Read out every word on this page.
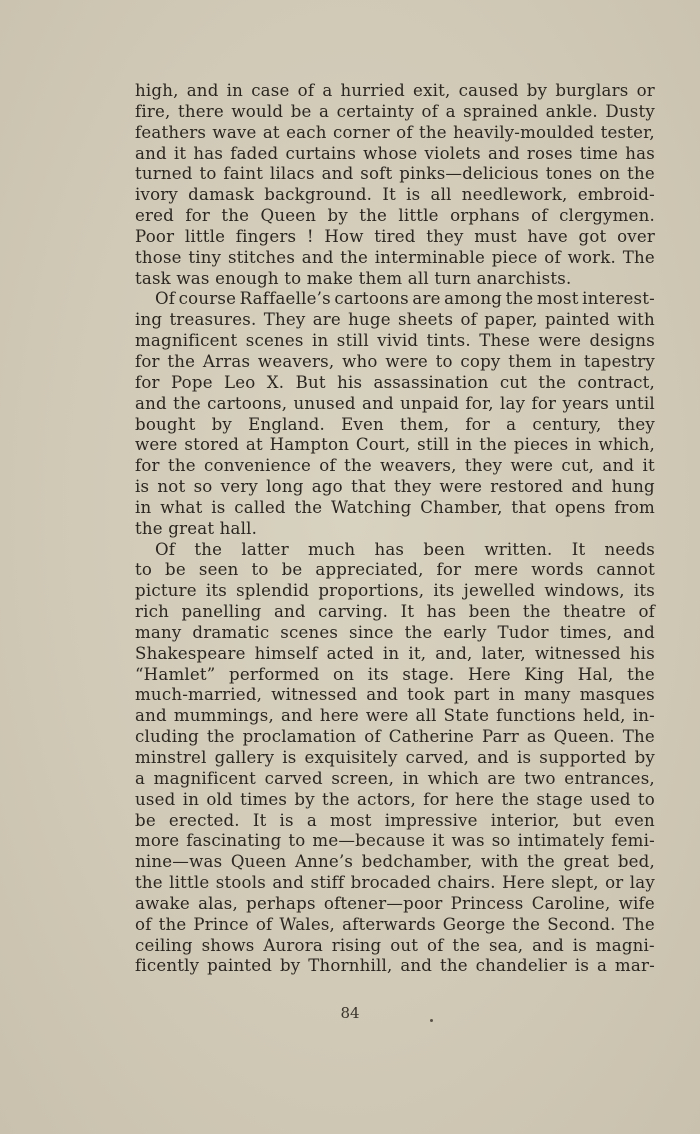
high, and in case of a hurried exit, caused by burglars or
fire, there would be a certainty of a sprained ankle. Dusty
feathers wave at each corner of the heavily-moulded tester,
and it has faded curtains whose violets and roses time has
turned to faint lilacs and soft pinks—delicious tones on the
ivory damask background. It is all needlework, embroid-
ered for the Queen by the little orphans of clergymen.
Poor little fingers ! How tired they must have got over
those tiny stitches and the interminable piece of work. The
task was enough to make them all turn anarchists.
Of course Raffaelle’s cartoons are among the most interest-
ing treasures. They are huge sheets of paper, painted with
magnificent scenes in still vivid tints. These were designs
for the Arras weavers, who were to copy them in tapestry
for Pope Leo X. But his assassination cut the contract,
and the cartoons, unused and unpaid for, lay for years until
bought by England. Even them, for a century, they
were stored at Hampton Court, still in the pieces in which,
for the convenience of the weavers, they were cut, and it
is not so very long ago that they were restored and hung
in what is called the Watching Chamber, that opens from
the great hall.
Of the latter much has been written. It needs
to be seen to be appreciated, for mere words cannot
picture its splendid proportions, its jewelled windows, its
rich panelling and carving. It has been the theatre of
many dramatic scenes since the early Tudor times, and
Shakespeare himself acted in it, and, later, witnessed his
“Hamlet” performed on its stage. Here King Hal, the
much-married, witnessed and took part in many masques
and mummings, and here were all State functions held, in-
cluding the proclamation of Catherine Parr as Queen. The
minstrel gallery is exquisitely carved, and is supported by
a magnificent carved screen, in which are two entrances,
used in old times by the actors, for here the stage used to
be erected. It is a most impressive interior, but even
more fascinating to me—because it was so intimately femi-
nine—was Queen Anne’s bedchamber, with the great bed,
the little stools and stiff brocaded chairs. Here slept, or lay
awake alas, perhaps oftener—poor Princess Caroline, wife
of the Prince of Wales, afterwards George the Second. The
ceiling shows Aurora rising out of the sea, and is magni-
ficently painted by Thornhill, and the chandelier is a mar-
84
